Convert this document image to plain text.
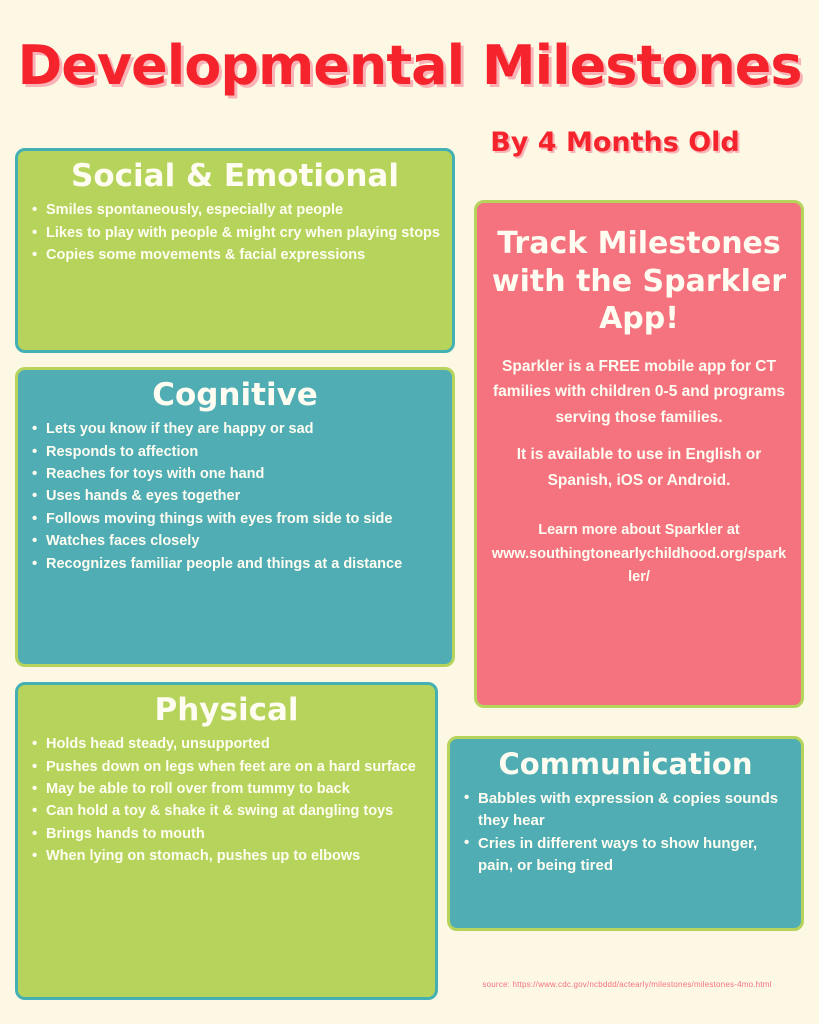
Developmental Milestones
By 4 Months Old
Social & Emotional
• Smiles spontaneously, especially at people
• Likes to play with people & might cry when playing stops
• Copies some movements & facial expressions
Cognitive
• Lets you know if they are happy or sad
• Responds to affection
• Reaches for toys with one hand
• Uses hands & eyes together
• Follows moving things with eyes from side to side
• Watches faces closely
• Recognizes familiar people and things at a distance
Physical
• Holds head steady, unsupported
• Pushes down on legs when feet are on a hard surface
• May be able to roll over from tummy to back
• Can hold a toy & shake it & swing at dangling toys
• Brings hands to mouth
• When lying on stomach, pushes up to elbows
Track Milestones with the Sparkler App!

Sparkler is a FREE mobile app for CT families with children 0-5 and programs serving those families.

It is available to use in English or Spanish, iOS or Android.

Learn more about Sparkler at www.southingtonearlychildhood.org/sparkler/

Communication
• Babbles with expression & copies sounds they hear
• Cries in different ways to show hunger, pain, or being tired
source: https://www.cdc.gov/ncbddd/actearly/milestones/milestones-4mo.html
